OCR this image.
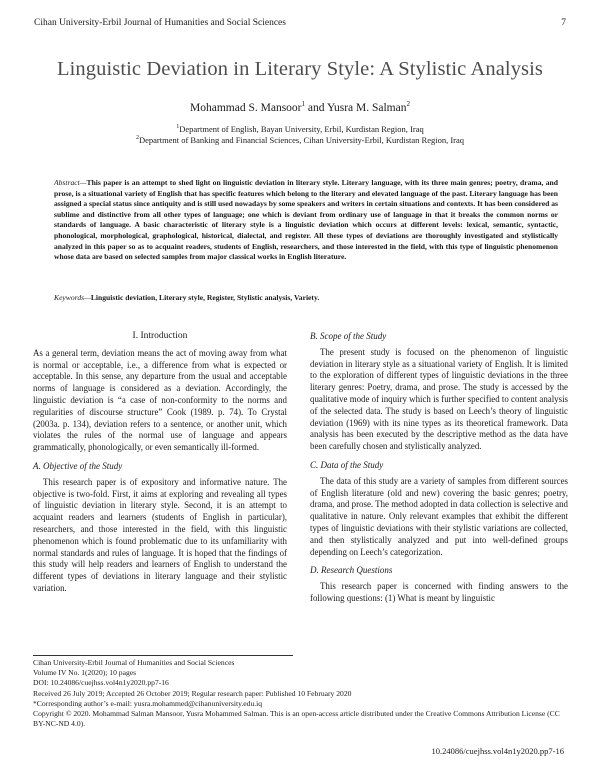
Cihan University-Erbil Journal of Humanities and Social Sciences	7
Linguistic Deviation in Literary Style: A Stylistic Analysis
Mohammad S. Mansoor$^1$ and Yusra M. Salman$^2$
$^1$Department of English, Bayan University, Erbil, Kurdistan Region, Iraq
$^2$Department of Banking and Financial Sciences, Cihan University-Erbil, Kurdistan Region, Iraq
Abstract—This paper is an attempt to shed light on linguistic deviation in literary style. Literary language, with its three main genres; poetry, drama, and prose, is a situational variety of English that has specific features which belong to the literary and elevated language of the past. Literary language has been assigned a special status since antiquity and is still used nowadays by some speakers and writers in certain situations and contexts. It has been considered as sublime and distinctive from all other types of language; one which is deviant from ordinary use of language in that it breaks the common norms or standards of language. A basic characteristic of literary style is a linguistic deviation which occurs at different levels: lexical, semantic, syntactic, phonological, morphological, graphological, historical, dialectal, and register. All these types of deviations are thoroughly investigated and stylistically analyzed in this paper so as to acquaint readers, students of English, researchers, and those interested in the field, with this type of linguistic phenomenon whose data are based on selected samples from major classical works in English literature.
Keywords—Linguistic deviation, Literary style, Register, Stylistic analysis, Variety.
I. Introduction

As a general term, deviation means the act of moving away from what is normal or acceptable, i.e., a difference from what is expected or acceptable. In this sense, any departure from the usual and acceptable norms of language is considered as a deviation. Accordingly, the linguistic deviation is “a case of non-conformity to the norms and regularities of discourse structure” Cook (1989. p. 74). To Crystal (2003a. p. 134), deviation refers to a sentence, or another unit, which violates the rules of the normal use of language and appears grammatically, phonologically, or even semantically ill-formed.

A. Objective of the Study

This research paper is of expository and informative nature. The objective is two-fold. First, it aims at exploring and revealing all types of linguistic deviation in literary style. Second, it is an attempt to acquaint readers and learners (students of English in particular), researchers, and those interested in the field, with this linguistic phenomenon which is found problematic due to its unfamiliarity with normal standards and rules of language. It is hoped that the findings of this study will help readers and learners of English to understand the different types of deviations in literary language and their stylistic variation.

B. Scope of the Study

The present study is focused on the phenomenon of linguistic deviation in literary style as a situational variety of English. It is limited to the exploration of different types of linguistic deviations in the three literary genres: Poetry, drama, and prose. The study is accessed by the qualitative mode of inquiry which is further specified to content analysis of the selected data. The study is based on Leech’s theory of linguistic deviation (1969) with its nine types as its theoretical framework. Data analysis has been executed by the descriptive method as the data have been carefully chosen and stylistically analyzed.

C. Data of the Study

The data of this study are a variety of samples from different sources of English literature (old and new) covering the basic genres; poetry, drama, and prose. The method adopted in data collection is selective and qualitative in nature. Only relevant examples that exhibit the different types of linguistic deviations with their stylistic variations are collected, and then stylistically analyzed and put into well-defined groups depending on Leech’s categorization.

D. Research Questions

This research paper is concerned with finding answers to the following questions: (1) What is meant by linguistic

Cihan University-Erbil Journal of Humanities and Social Sciences
Volume IV No. 1(2020); 10 pages
DOI: 10.24086/cuejhss.vol4n1y2020.pp7-16
Received 26 July 2019; Accepted 26 October 2019; Regular research paper: Published 10 February 2020
*Corresponding author’s e-mail: yusra.mohammed@cihanuniversity.edu.iq
Copyright © 2020. Mohammad Salman Mansoor, Yusra Mohammed Salman. This is an open-access article distributed under the Creative Commons Attribution License (CC BY-NC-ND 4.0).
10.24086/cuejhss.vol4n1y2020.pp7-16
